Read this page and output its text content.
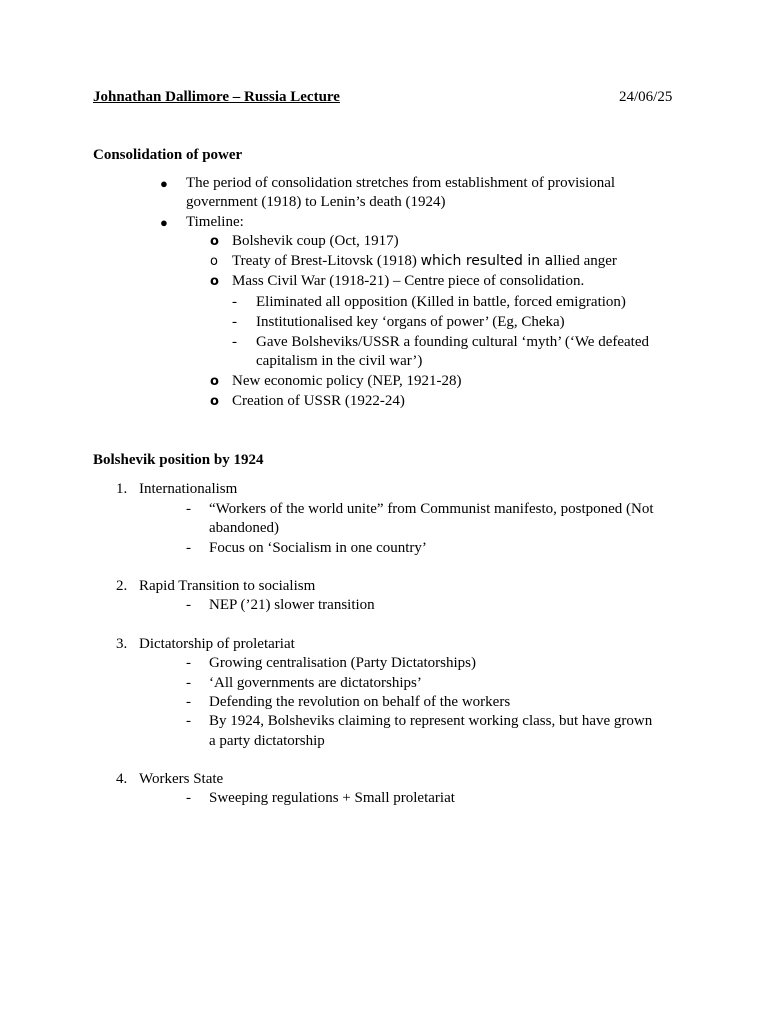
Johnathan Dallimore – Russia Lecture	24/06/25
Consolidation of power
● The period of consolidation stretches from establishment of provisional
government (1918) to Lenin’s death (1924)
● Timeline:
o Bolshevik coup (Oct, 1917)
o Treaty of Brest-Litovsk (1918) which resulted in allied anger
o Mass Civil War (1918-21) – Centre piece of consolidation.
- Eliminated all opposition (Killed in battle, forced emigration)
- Institutionalised key ‘organs of power’ (Eg, Cheka)
- Gave Bolsheviks/USSR a founding cultural ‘myth’ (‘We defeated
capitalism in the civil war’)
o New economic policy (NEP, 1921-28)
o Creation of USSR (1922-24)
Bolshevik position by 1924
1. Internationalism
- “Workers of the world unite” from Communist manifesto, postponed (Not
abandoned)
- Focus on ‘Socialism in one country’
2. Rapid Transition to socialism
- NEP (’21) slower transition
3. Dictatorship of proletariat
- Growing centralisation (Party Dictatorships)
- ‘All governments are dictatorships’
- Defending the revolution on behalf of the workers
- By 1924, Bolsheviks claiming to represent working class, but have grown
a party dictatorship
4. Workers State
- Sweeping regulations + Small proletariat
